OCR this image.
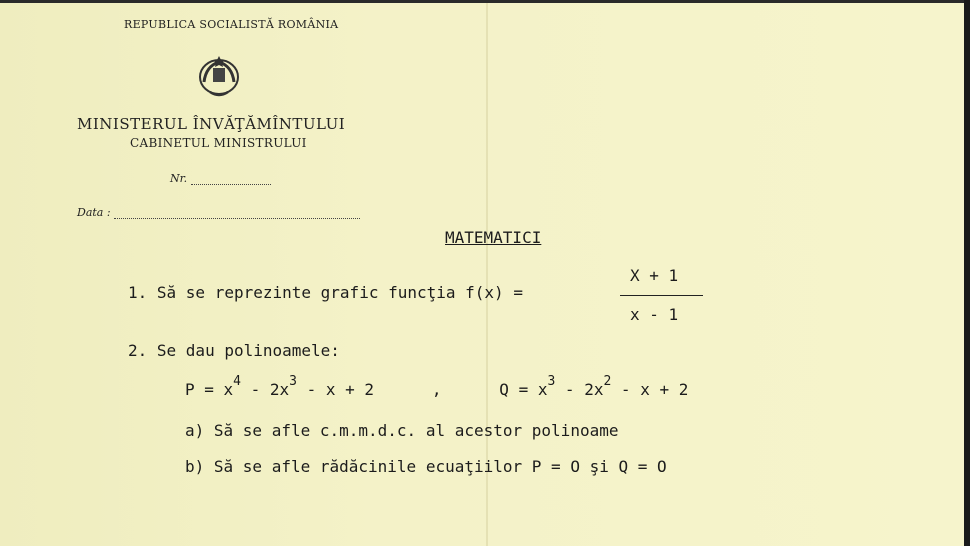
REPUBLICA SOCIALISTĂ ROMÂNIA
MINISTERUL ÎNVĂŢĂMÎNTULUI
CABINETUL MINISTRULUI
Nr.
Data :
MATEMATICI
1. Să se reprezinte grafic funcţia f(x) =
X + 1
x - 1
2. Se dau polinoamele:
$P = x^4 - 2x^3 - x + 2$	,	$Q = x^3 - 2x^2 - x + 2$
a) Să se afle c.m.m.d.c. al acestor polinoame
b) Să se afle rădăcinile ecuaţiilor P = O şi Q = O
